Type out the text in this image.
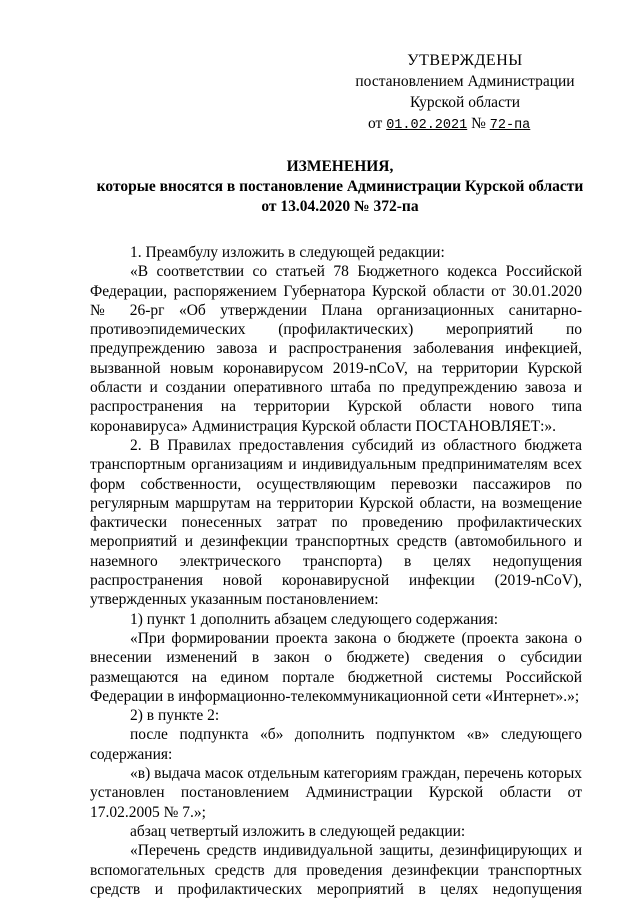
УТВЕРЖДЕНЫ
постановлением Администрации
Курской области
от 01.02.2021 № 72-па
ИЗМЕНЕНИЯ,
которые вносятся в постановление Администрации Курской области
от 13.04.2020 № 372-па

1. Преамбулу изложить в следующей редакции:

«В соответствии со статьей 78 Бюджетного кодекса Российской Федерации, распоряжением Губернатора Курской области от 30.01.2020 № 26-рг «Об утверждении Плана организационных санитарно-противоэпидемических (профилактических) мероприятий по предупреждению завоза и распространения заболевания инфекцией, вызванной новым коронавирусом 2019-nCoV, на территории Курской области и создании оперативного штаба по предупреждению завоза и распространения на территории Курской области нового типа коронавируса» Администрация Курской области ПОСТАНОВЛЯЕТ:».

2. В Правилах предоставления субсидий из областного бюджета транспортным организациям и индивидуальным предпринимателям всех форм собственности, осуществляющим перевозки пассажиров по регулярным маршрутам на территории Курской области, на возмещение фактически понесенных затрат по проведению профилактических мероприятий и дезинфекции транспортных средств (автомобильного и наземного электрического транспорта) в целях недопущения распространения новой коронавирусной инфекции (2019-nCoV), утвержденных указанным постановлением:

1) пункт 1 дополнить абзацем следующего содержания:

«При формировании проекта закона о бюджете (проекта закона о внесении изменений в закон о бюджете) сведения о субсидии размещаются на едином портале бюджетной системы Российской Федерации в информационно-телекоммуникационной сети «Интернет».»;

2) в пункте 2:

после подпункта «б» дополнить подпунктом «в» следующего содержания:

«в) выдача масок отдельным категориям граждан, перечень которых установлен постановлением Администрации Курской области от 17.02.2005 № 7.»;

абзац четвертый изложить в следующей редакции:

«Перечень средств индивидуальной защиты, дезинфицирующих и вспомогательных средств для проведения дезинфекции транспортных средств и профилактических мероприятий в целях недопущения
